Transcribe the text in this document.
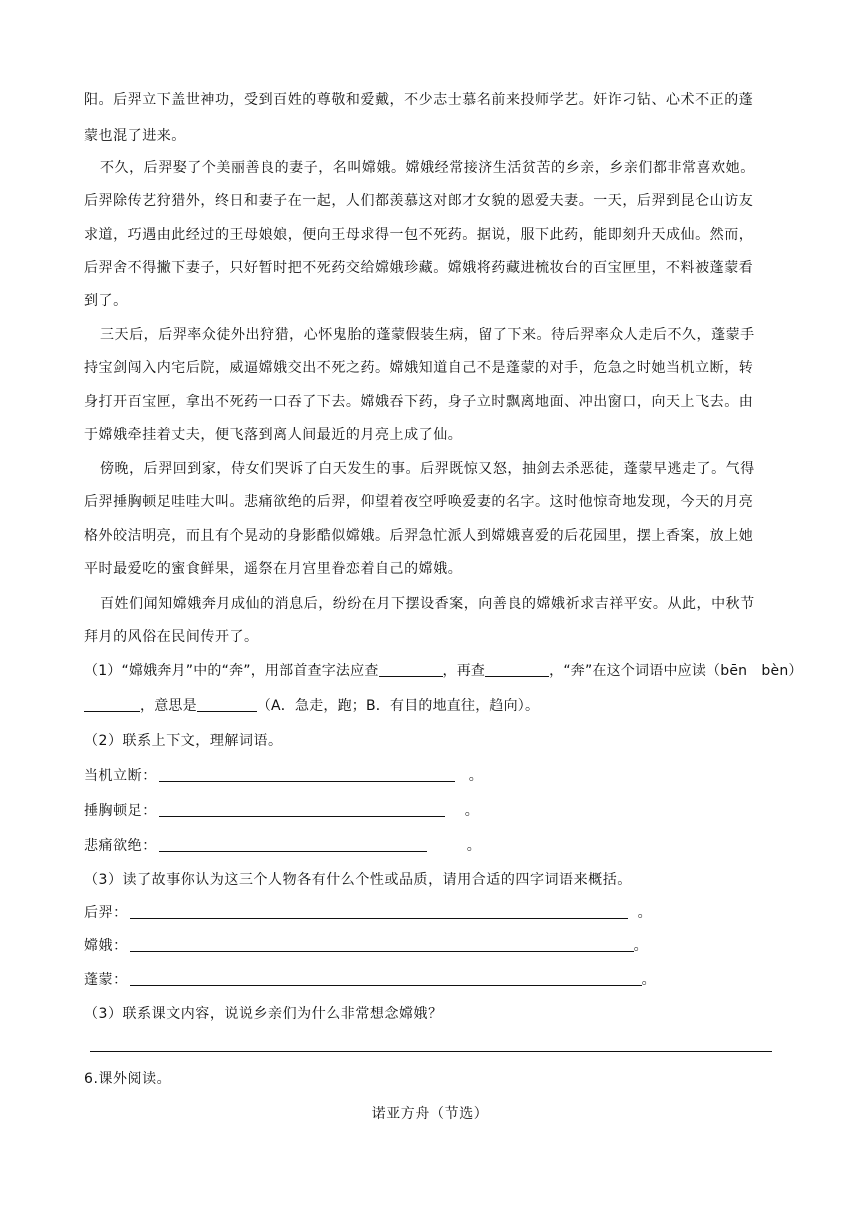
阳。后羿立下盖世神功，受到百姓的尊敬和爱戴，不少志士慕名前来投师学艺。奸诈刁钻、心术不正的蓬
蒙也混了进来。
不久，后羿娶了个美丽善良的妻子，名叫嫦娥。嫦娥经常接济生活贫苦的乡亲，乡亲们都非常喜欢她。
后羿除传艺狩猎外，终日和妻子在一起，人们都羡慕这对郎才女貌的恩爱夫妻。一天，后羿到昆仑山访友
求道，巧遇由此经过的王母娘娘，便向王母求得一包不死药。据说，服下此药，能即刻升天成仙。然而，
后羿舍不得撇下妻子，只好暂时把不死药交给嫦娥珍藏。嫦娥将药藏进梳妆台的百宝匣里，不料被蓬蒙看
到了。
三天后，后羿率众徒外出狩猎，心怀鬼胎的蓬蒙假装生病，留了下来。待后羿率众人走后不久，蓬蒙手
持宝剑闯入内宅后院，威逼嫦娥交出不死之药。嫦娥知道自己不是蓬蒙的对手，危急之时她当机立断，转
身打开百宝匣，拿出不死药一口吞了下去。嫦娥吞下药，身子立时飘离地面、冲出窗口，向天上飞去。由
于嫦娥牵挂着丈夫，便飞落到离人间最近的月亮上成了仙。
傍晚，后羿回到家，侍女们哭诉了白天发生的事。后羿既惊又怒，抽剑去杀恶徒，蓬蒙早逃走了。气得
后羿捶胸顿足哇哇大叫。悲痛欲绝的后羿，仰望着夜空呼唤爱妻的名字。这时他惊奇地发现，今天的月亮
格外皎洁明亮，而且有个晃动的身影酷似嫦娥。后羿急忙派人到嫦娥喜爱的后花园里，摆上香案，放上她
平时最爱吃的蜜食鲜果，遥祭在月宫里眷恋着自己的嫦娥。
百姓们闻知嫦娥奔月成仙的消息后，纷纷在月下摆设香案，向善良的嫦娥祈求吉祥平安。从此，中秋节
拜月的风俗在民间传开了。
（1）“嫦娥奔月”中的“奔”，用部首查字法应查	，再查	，“奔”在这个词语中应读（bēn　bèn）
，意思是	（A．急走，跑；B．有目的地直往，趋向）。
（2）联系上下文，理解词语。
当机立断：	。
捶胸顿足：	。
悲痛欲绝：	。
（3）读了故事你认为这三个人物各有什么个性或品质，请用合适的四字词语来概括。
后羿：	。
嫦娥：	。
蓬蒙：	。
（3）联系课文内容，说说乡亲们为什么非常想念嫦娥？
6.课外阅读。
诺亚方舟（节选）
